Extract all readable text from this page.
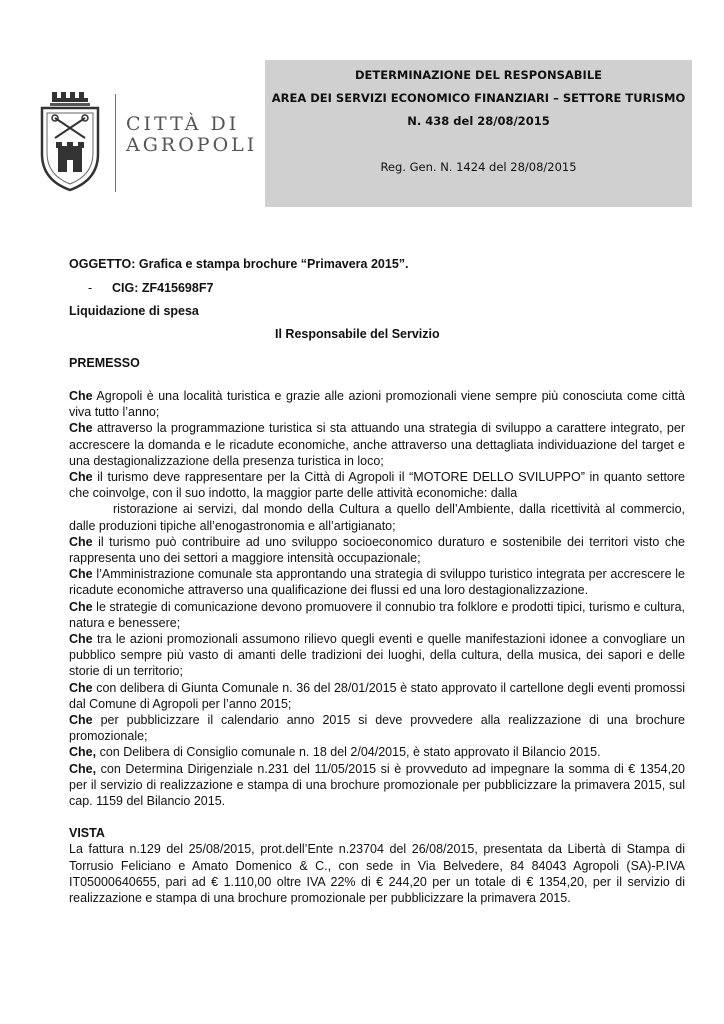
CITTÀ DI
AGROPOLI
DETERMINAZIONE DEL RESPONSABILE
AREA DEI SERVIZI ECONOMICO FINANZIARI – SETTORE TURISMO
N. 438 del 28/08/2015
Reg. Gen. N. 1424 del 28/08/2015
OGGETTO: Grafica e stampa brochure “Primavera 2015”.
- CIG: ZF415698F7
Liquidazione di spesa
Il Responsabile del Servizio
PREMESSO

Che Agropoli è una località turistica e grazie alle azioni promozionali viene sempre più conosciuta come città viva tutto l’anno;

Che attraverso la programmazione turistica si sta attuando una strategia di sviluppo a carattere integrato, per accrescere la domanda e le ricadute economiche, anche attraverso una dettagliata individuazione del target e una destagionalizzazione della presenza turistica in loco;

Che il turismo deve rappresentare per la Città di Agropoli il “MOTORE DELLO SVILUPPO” in quanto settore che coinvolge, con il suo indotto, la maggior parte delle attività economiche: dalla

ristorazione ai servizi, dal mondo della Cultura a quello dell’Ambiente, dalla ricettività al commercio, dalle produzioni tipiche all’enogastronomia e all’artigianato;

Che il turismo può contribuire ad uno sviluppo socioeconomico duraturo e sostenibile dei territori visto che rappresenta uno dei settori a maggiore intensità occupazionale;

Che l’Amministrazione comunale sta approntando una strategia di sviluppo turistico integrata per accrescere le ricadute economiche attraverso una qualificazione dei flussi ed una loro destagionalizzazione.

Che le strategie di comunicazione devono promuovere il connubio tra folklore e prodotti tipici, turismo e cultura, natura e benessere;

Che tra le azioni promozionali assumono rilievo quegli eventi e quelle manifestazioni idonee a convogliare un pubblico sempre più vasto di amanti delle tradizioni dei luoghi, della cultura, della musica, dei sapori e delle storie di un territorio;

Che con delibera di Giunta Comunale n. 36 del 28/01/2015 è stato approvato il cartellone degli eventi promossi dal Comune di Agropoli per l’anno 2015;

Che per pubblicizzare il calendario anno 2015 si deve provvedere alla realizzazione di una brochure promozionale;

Che, con Delibera di Consiglio comunale n. 18 del 2/04/2015, è stato approvato il Bilancio 2015.

Che, con Determina Dirigenziale n.231 del 11/05/2015 si è provveduto ad impegnare la somma di € 1354,20 per il servizio di realizzazione e stampa di una brochure promozionale per pubblicizzare la primavera 2015, sul cap. 1159 del Bilancio 2015.

VISTA

La fattura n.129 del 25/08/2015, prot.dell’Ente n.23704 del 26/08/2015, presentata da Libertà di Stampa di Torrusio Feliciano e Amato Domenico & C., con sede in Via Belvedere, 84 84043 Agropoli (SA)-P.IVA IT05000640655, pari ad € 1.110,00 oltre IVA 22% di € 244,20 per un totale di € 1354,20, per il servizio di realizzazione e stampa di una brochure promozionale per pubblicizzare la primavera 2015.
